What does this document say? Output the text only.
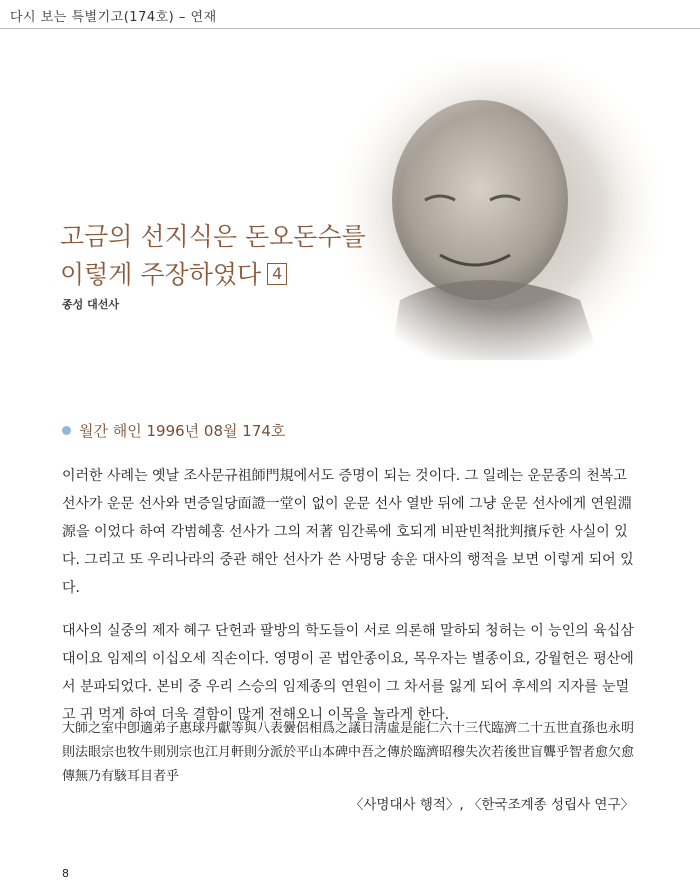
다시 보는 특별기고(174호) – 연재
고금의 선지식은 돈오돈수를
이렇게 주장하였다 4
종성 대선사
월간 해인 1996년 08월 174호
이러한 사례는 옛날 조사문규祖師門規에서도 증명이 되는 것이다. 그 일례는 운문종의 천복고 선사가 운문 선사와 면증일당面證一堂이 없이 운문 선사 열반 뒤에 그냥 운문 선사에게 연원淵源을 이었다 하여 각범혜홍 선사가 그의 저著 임간록에 호되게 비판빈척批判擯斥한 사실이 있다. 그리고 또 우리나라의 중관 해안 선사가 쓴 사명당 송운 대사의 행적을 보면 이렇게 되어 있다.
대사의 실중의 제자 혜구 단헌과 팔방의 학도들이 서로 의론해 말하되 청허는 이 능인의 육십삼대이요 임제의 이십오세 직손이다. 영명이 곧 법안종이요, 목우자는 별종이요, 강월헌은 평산에서 분파되었다. 본비 중 우리 스승의 임제종의 연원이 그 차서를 잃게 되어 후세의 지자를 눈멀고 귀 먹게 하여 더욱 결함이 많게 전해오니 이목을 놀라게 한다.
大師之室中卽適弟子惠球丹獻等與八表黌侶相爲之議日淸虛是能仁六十三代臨濟二十五世直孫也永明則法眼宗也牧牛則別宗也江月軒則分派於平山本碑中吾之傳於臨濟昭穆失次若後世盲聾乎智者愈欠愈傳無乃有駭耳目者乎
〈사명대사 행적〉, 〈한국조계종 성립사 연구〉
8
